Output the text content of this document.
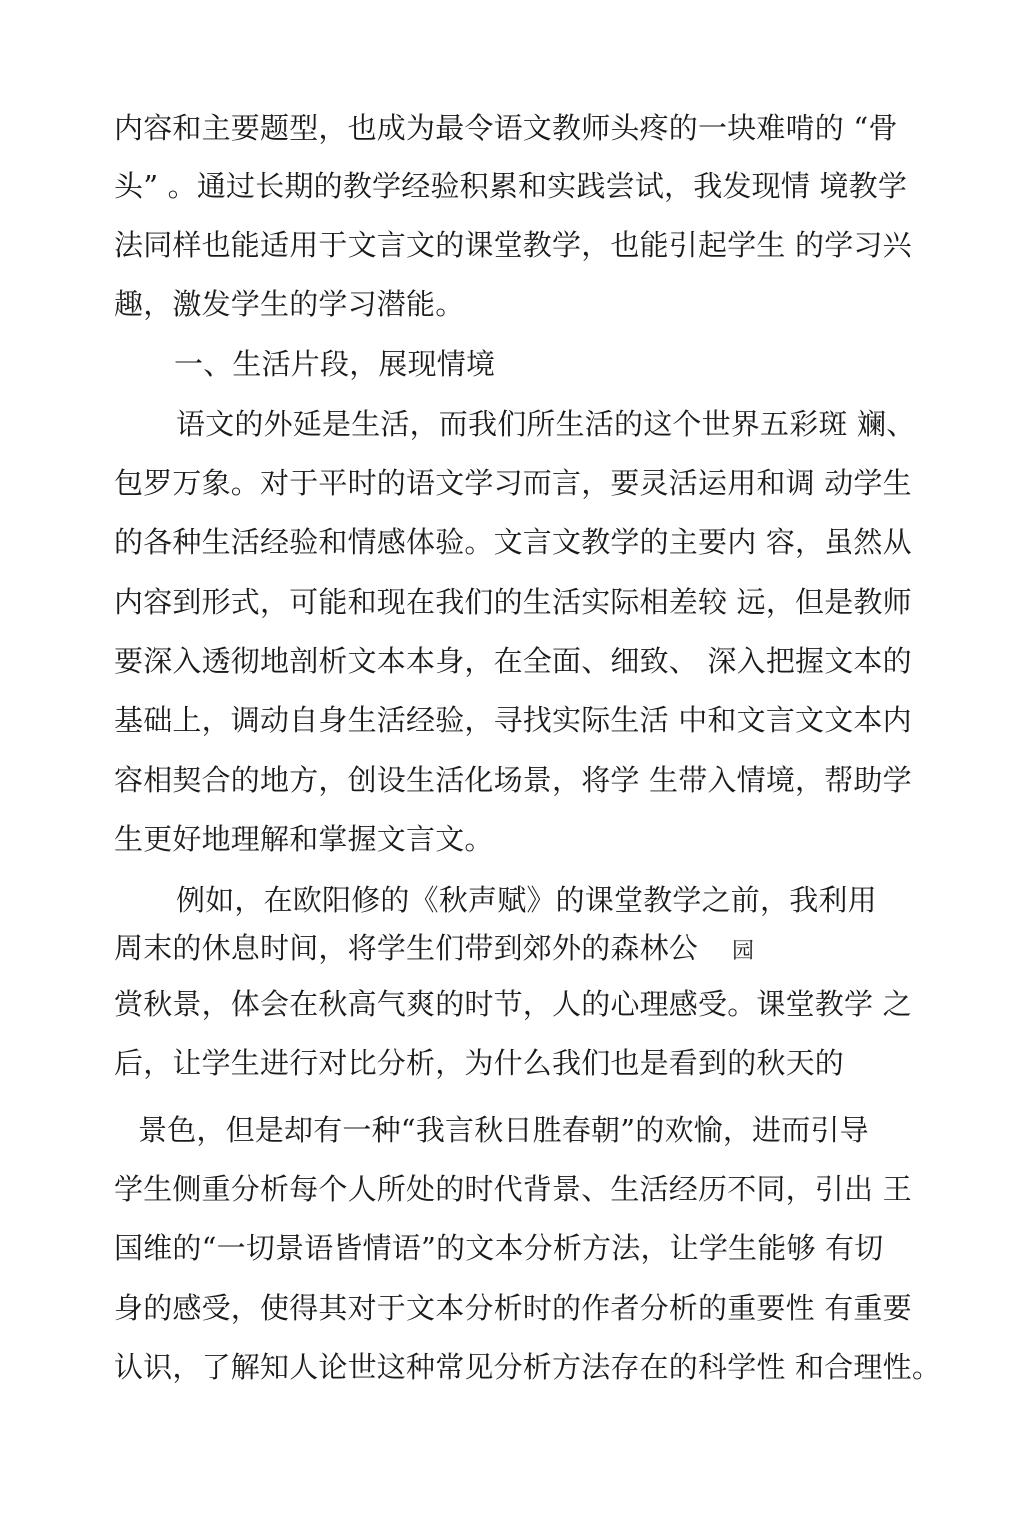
内容和主要题型，也成为最令语文教师头疼的一块难啃的 “骨
头” 。通过长期的教学经验积累和实践尝试，我发现情 境教学
法同样也能适用于文言文的课堂教学，也能引起学生 的学习兴
趣，激发学生的学习潜能。
一、生活片段，展现情境
语文的外延是生活，而我们所生活的这个世界五彩斑 斓、
包罗万象。对于平时的语文学习而言，要灵活运用和调 动学生
的各种生活经验和情感体验。文言文教学的主要内 容，虽然从
内容到形式，可能和现在我们的生活实际相差较 远，但是教师
要深入透彻地剖析文本本身，在全面、细致、 深入把握文本的
基础上，调动自身生活经验，寻找实际生活 中和文言文文本内
容相契合的地方，创设生活化场景，将学 生带入情境，帮助学
生更好地理解和掌握文言文。
例如，在欧阳修的《秋声赋》的课堂教学之前，我利用
周末的休息时间，将学生们带到郊外的森林公 园
赏秋景，体会在秋高气爽的时节，人的心理感受。课堂教学 之
后，让学生进行对比分析，为什么我们也是看到的秋天的
景色，但是却有一种“我言秋日胜春朝”的欢愉，进而引导
学生侧重分析每个人所处的时代背景、生活经历不同，引出 王
国维的“一切景语皆情语”的文本分析方法，让学生能够 有切
身的感受，使得其对于文本分析时的作者分析的重要性 有重要
认识，了解知人论世这种常见分析方法存在的科学性 和合理性。
